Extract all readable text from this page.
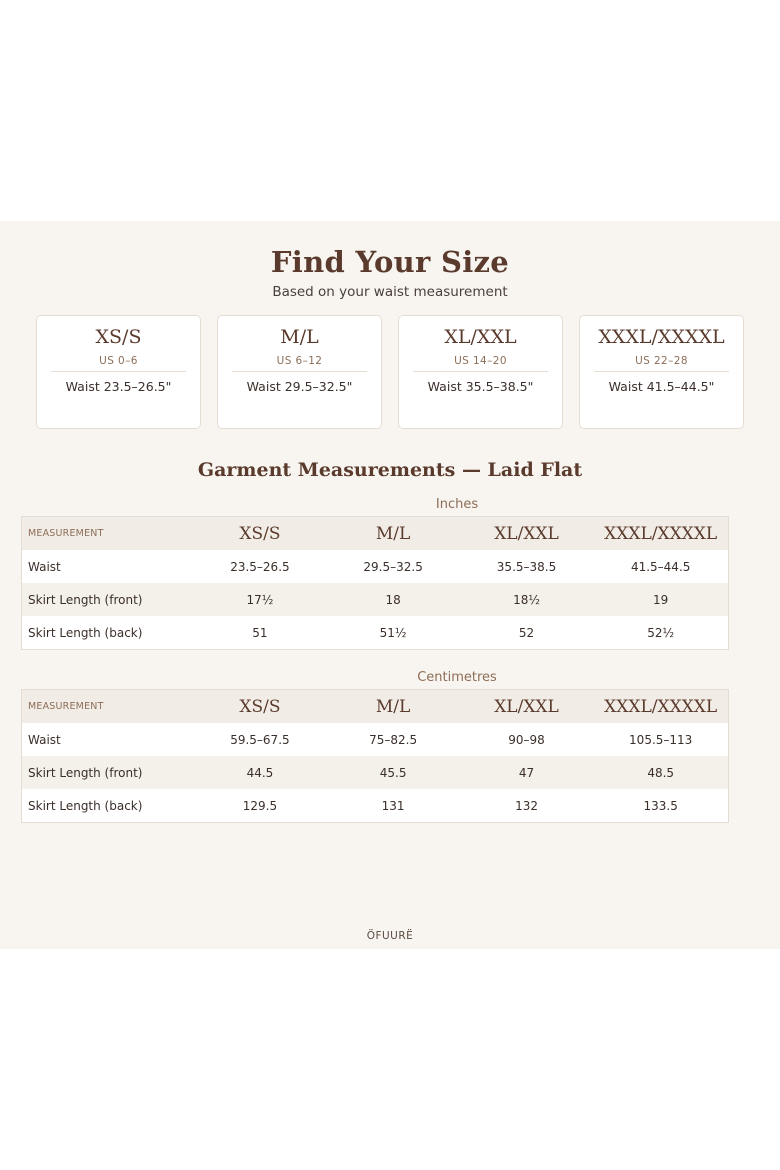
Find Your Size
Based on your waist measurement
XS/S
US 0–6
Waist 23.5–26.5"
M/L
US 6–12
Waist 29.5–32.5"
XL/XXL
US 14–20
Waist 35.5–38.5"
XXXL/XXXXL
US 22–28
Waist 41.5–44.5"
Garment Measurements — Laid Flat
Inches
MEASUREMENT	XS/S	M/L	XL/XXL	XXXL/XXXXL
Waist	23.5–26.5	29.5–32.5	35.5–38.5	41.5–44.5
Skirt Length (front)	17½	18	18½	19
Skirt Length (back)	51	51½	52	52½
Centimetres
MEASUREMENT	XS/S	M/L	XL/XXL	XXXL/XXXXL
Waist	59.5–67.5	75–82.5	90–98	105.5–113
Skirt Length (front)	44.5	45.5	47	48.5
Skirt Length (back)	129.5	131	132	133.5
ÖFUURË
